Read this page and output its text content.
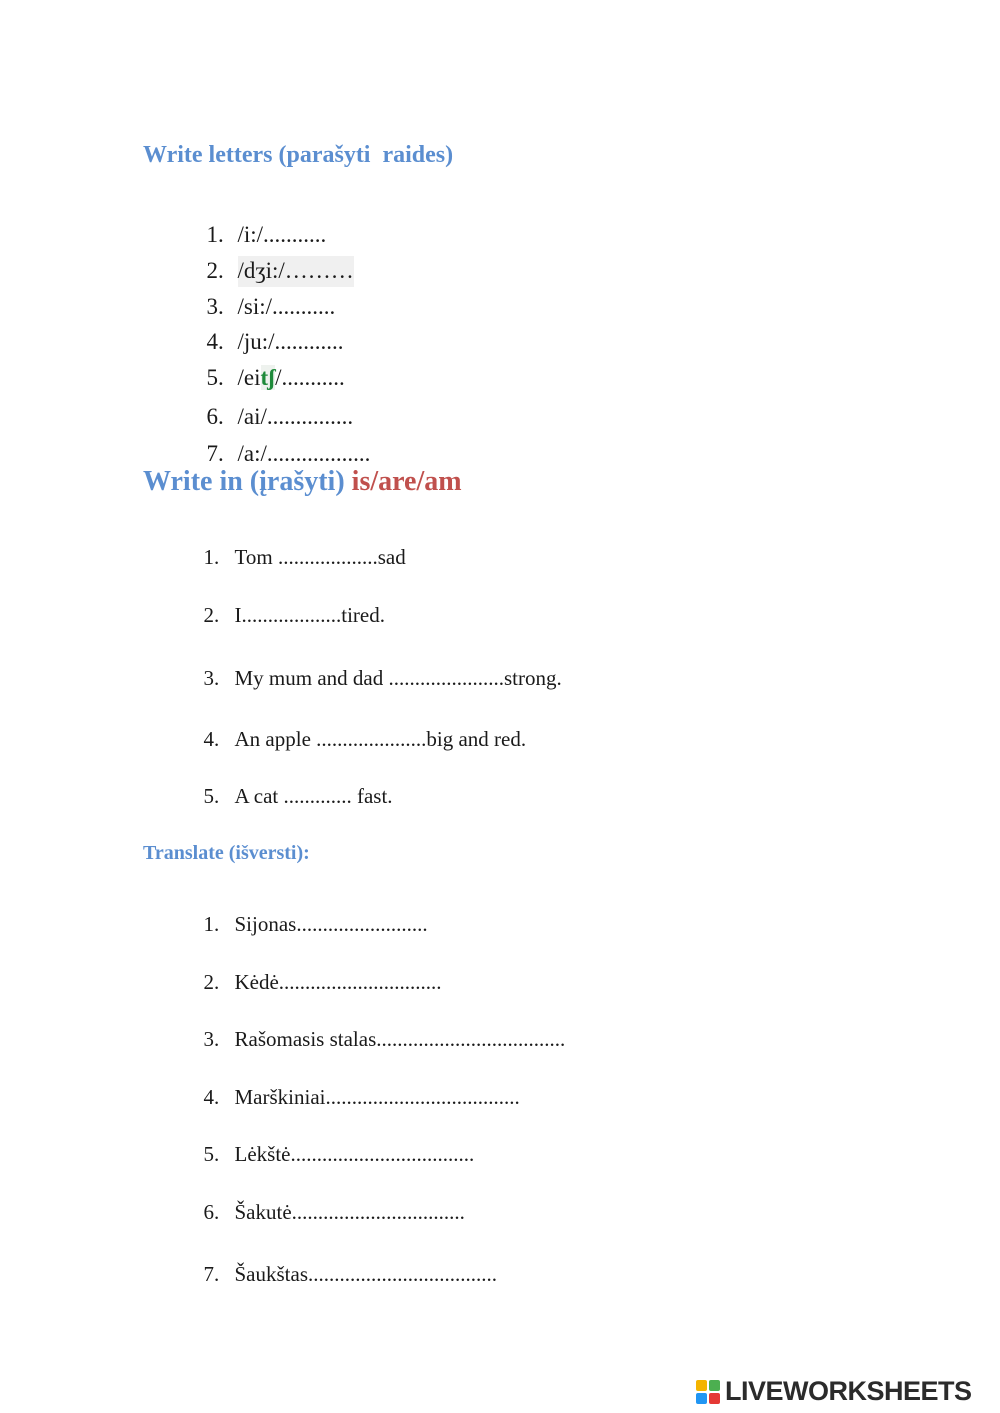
Write letters (parašyti  raides)

1. /i:/...........

2. /dʒi:/………

3. /si:/...........

4. /ju:/............

5. /eitʃ/...........

6. /ai/...............

7. /a:/..................

Write in (įrašyti) is/are/am

1. Tom ...................sad

2. I...................tired.

3. My mum and dad ......................strong.

4. An apple .....................big and red.

5. A cat ............. fast.

Translate (išversti):

1. Sijonas.........................

2. Kėdė...............................

3. Rašomasis stalas....................................

4. Marškiniai.....................................

5. Lėkštė...................................

6. Šakutė.................................

7. Šaukštas....................................

LIVEWORKSHEETS
